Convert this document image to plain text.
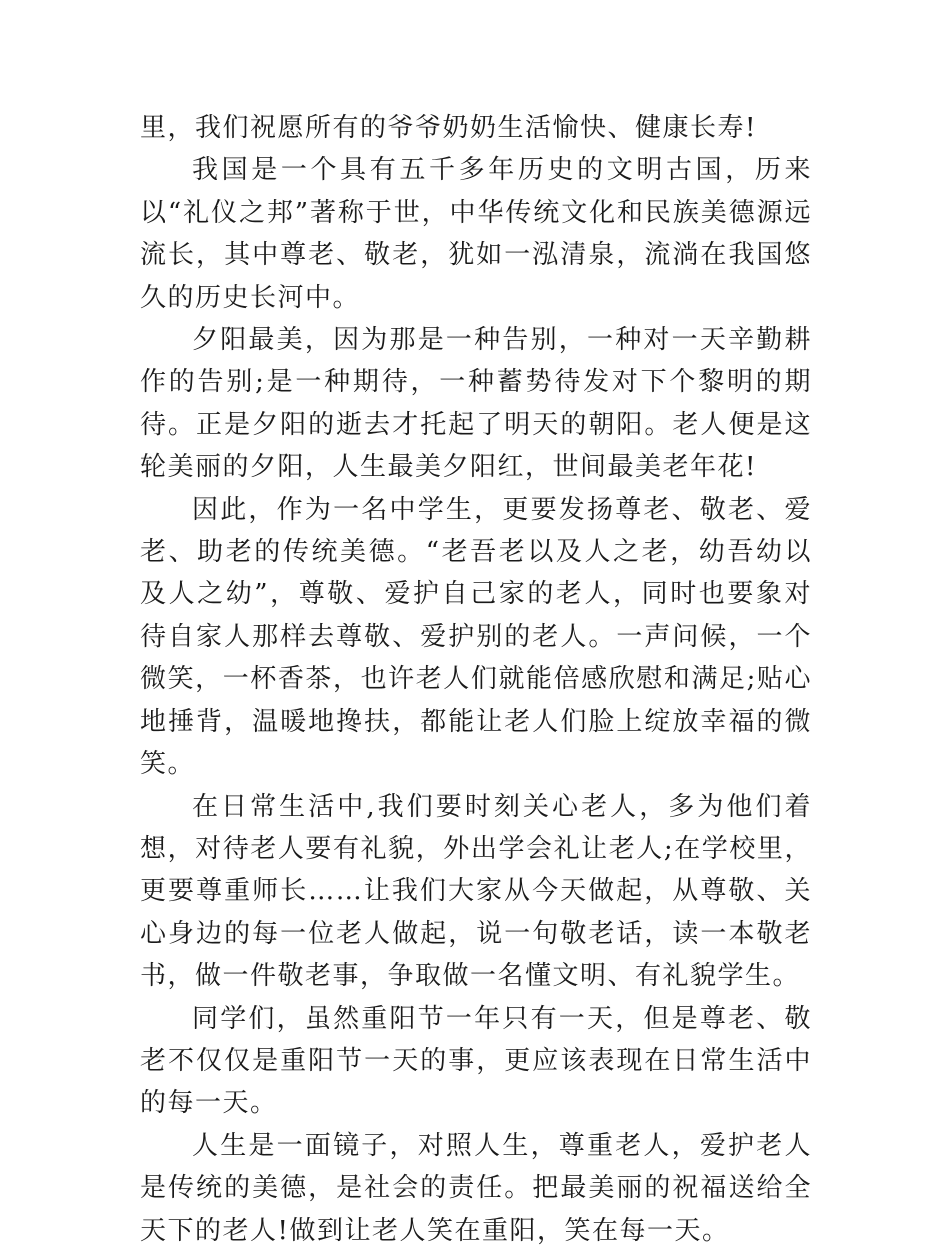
里，我们祝愿所有的爷爷奶奶生活愉快、健康长寿!

我国是一个具有五千多年历史的文明古国，历来以“礼仪之邦”著称于世，中华传统文化和民族美德源远流长，其中尊老、敬老，犹如一泓清泉，流淌在我国悠久的历史长河中。

夕阳最美，因为那是一种告别，一种对一天辛勤耕作的告别;是一种期待，一种蓄势待发对下个黎明的期待。正是夕阳的逝去才托起了明天的朝阳。老人便是这轮美丽的夕阳，人生最美夕阳红，世间最美老年花!

因此，作为一名中学生，更要发扬尊老、敬老、爱老、助老的传统美德。“老吾老以及人之老，幼吾幼以及人之幼”，尊敬、爱护自己家的老人，同时也要象对待自家人那样去尊敬、爱护别的老人。一声问候，一个微笑，一杯香茶，也许老人们就能倍感欣慰和满足;贴心地捶背，温暖地搀扶，都能让老人们脸上绽放幸福的微笑。

在日常生活中,我们要时刻关心老人，多为他们着想，对待老人要有礼貌，外出学会礼让老人;在学校里，更要尊重师长……让我们大家从今天做起，从尊敬、关心身边的每一位老人做起，说一句敬老话，读一本敬老书，做一件敬老事，争取做一名懂文明、有礼貌学生。

同学们，虽然重阳节一年只有一天，但是尊老、敬老不仅仅是重阳节一天的事，更应该表现在日常生活中的每一天。

人生是一面镜子，对照人生，尊重老人，爱护老人是传统的美德，是社会的责任。把最美丽的祝福送给全天下的老人!做到让老人笑在重阳，笑在每一天。
